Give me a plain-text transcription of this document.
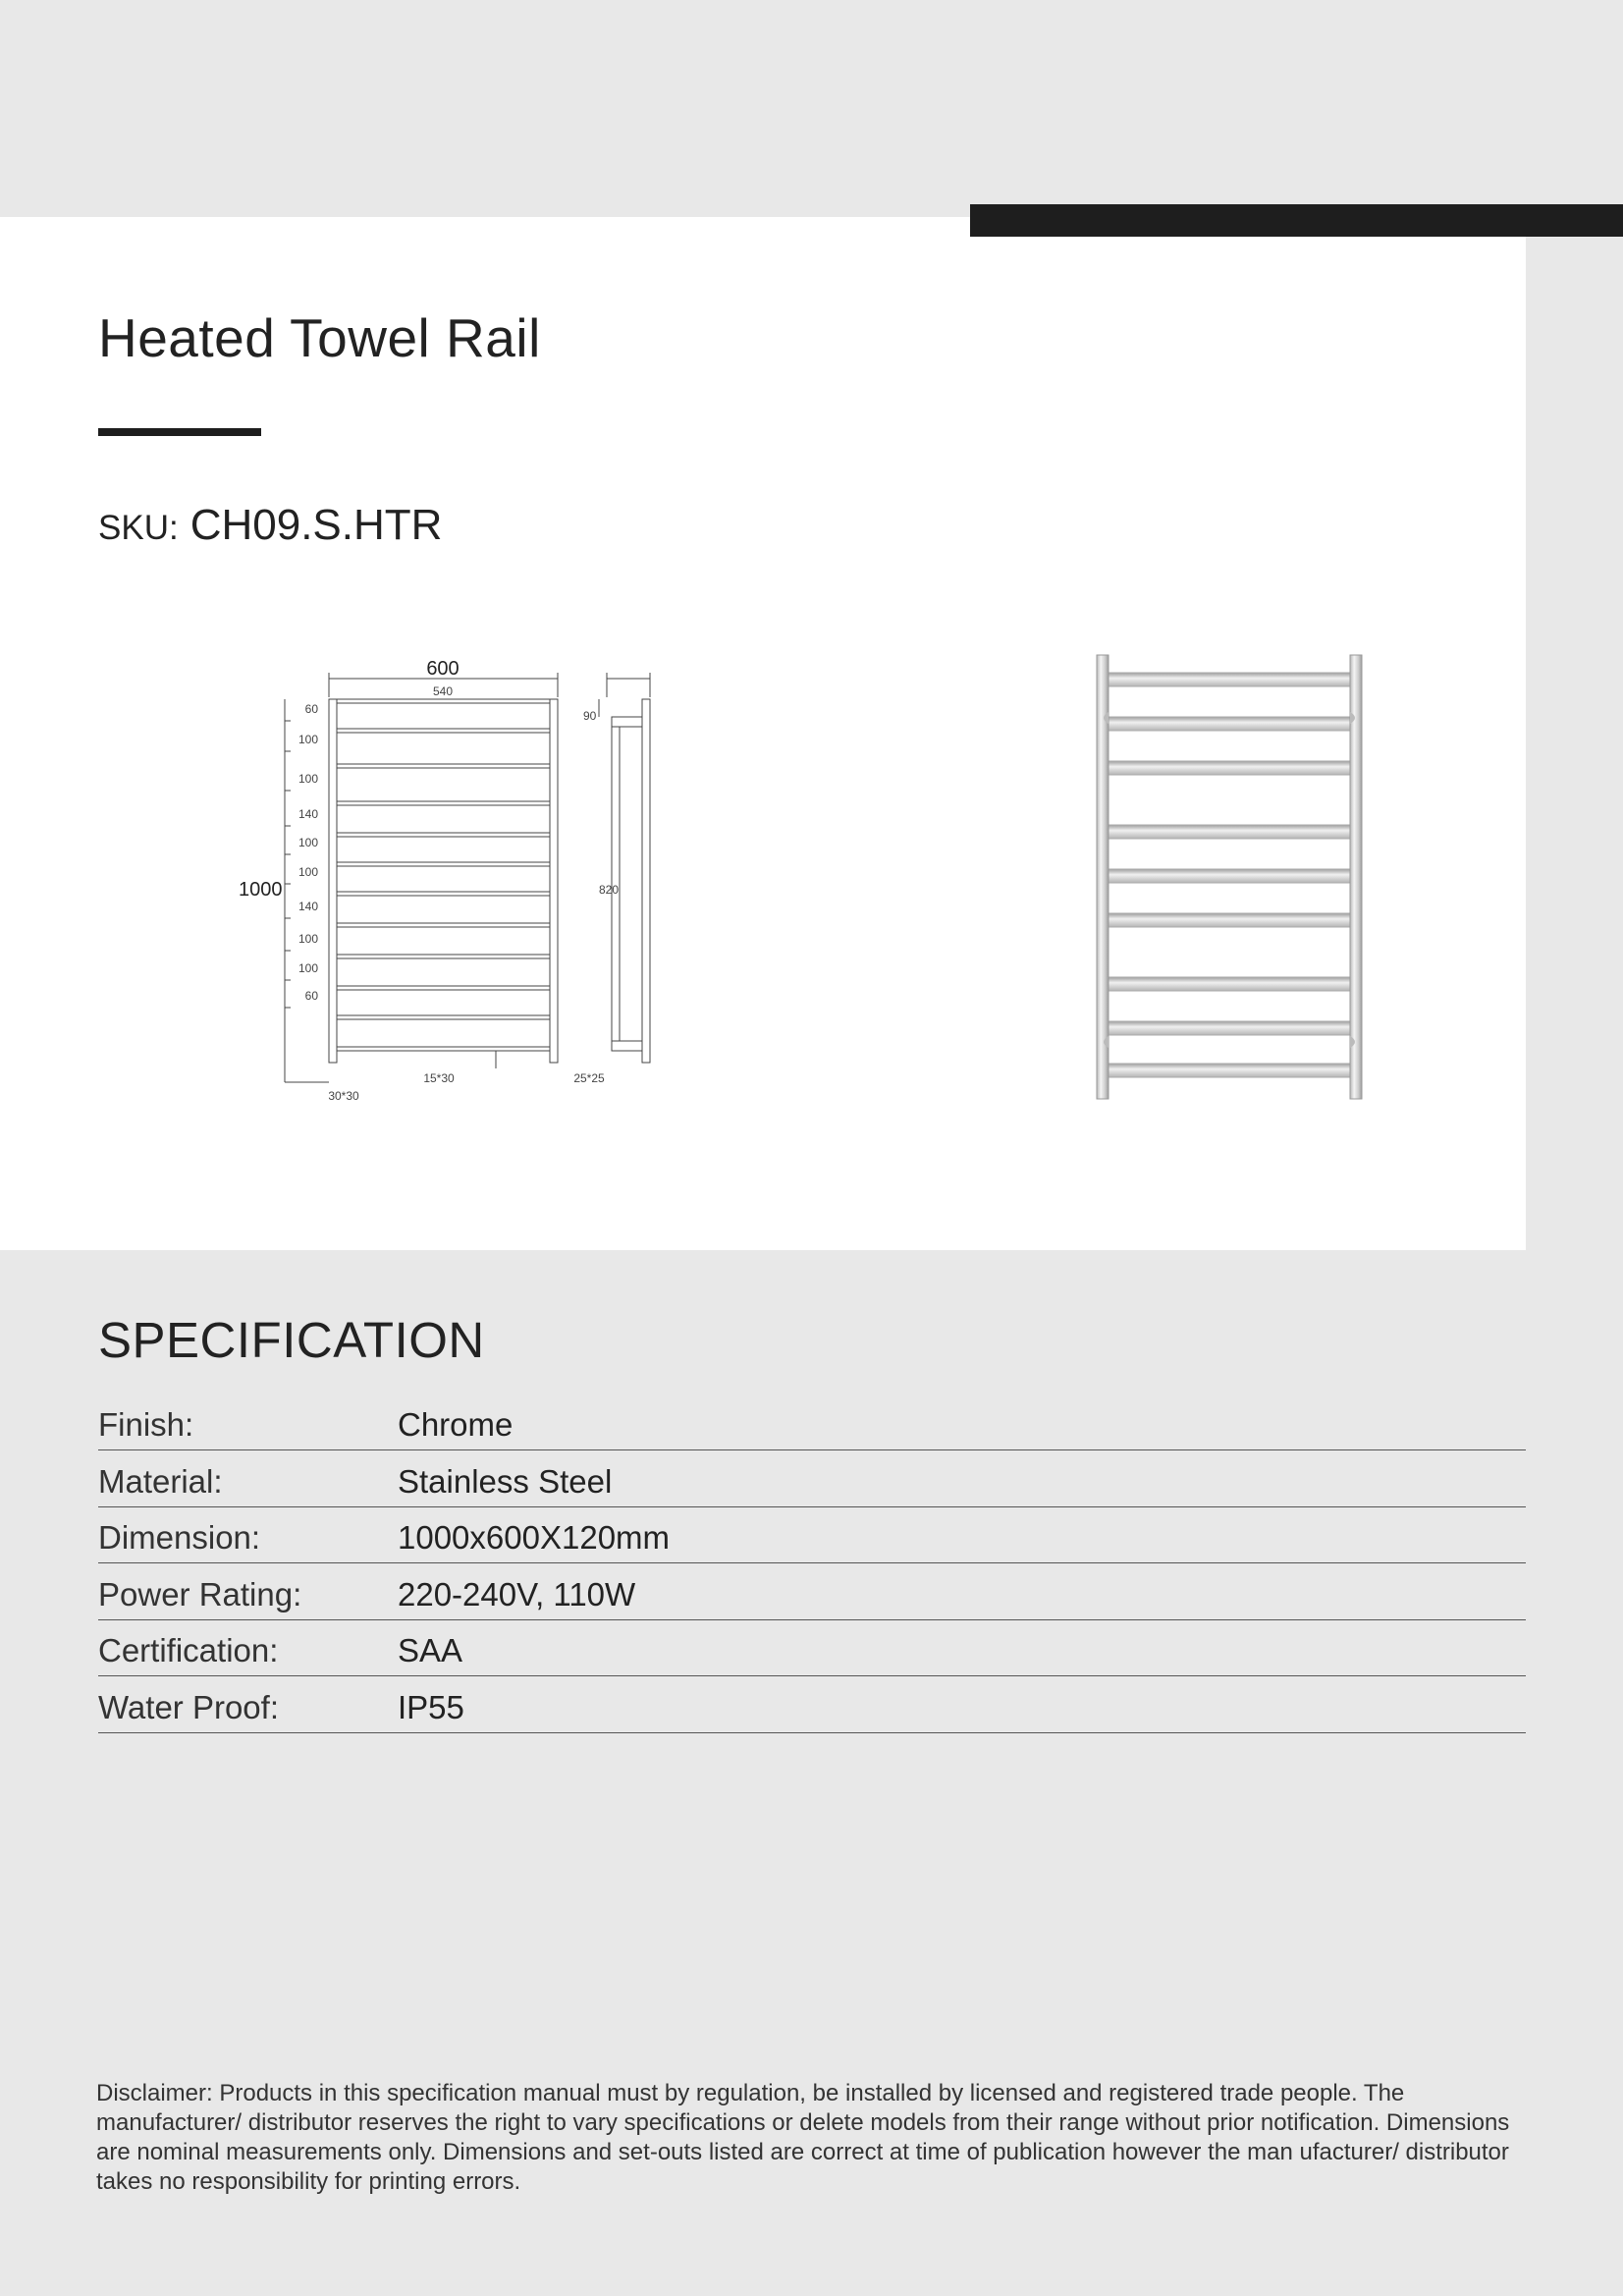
Heated Towel Rail
SKU: CH09.S.HTR
60
100
100
140
100
100
140
100
100
60
600
540
1000	820
90
15*30
30*30
25*25
SPECIFICATION
Finish:	Chrome
Material:	Stainless Steel
Dimension:	1000x600X120mm
Power Rating:	220-240V, 110W
Certification:	SAA
Water Proof:	IP55

Disclaimer: Products in this specification manual must by regulation, be installed by licensed and registered trade people. The manufacturer/ distributor reserves the right to vary specifications or delete models from their range without prior notification. Dimensions are nominal measurements only. Dimensions and set-outs listed are correct at time of publication however the man ufacturer/ distributor takes no responsibility for printing errors.
